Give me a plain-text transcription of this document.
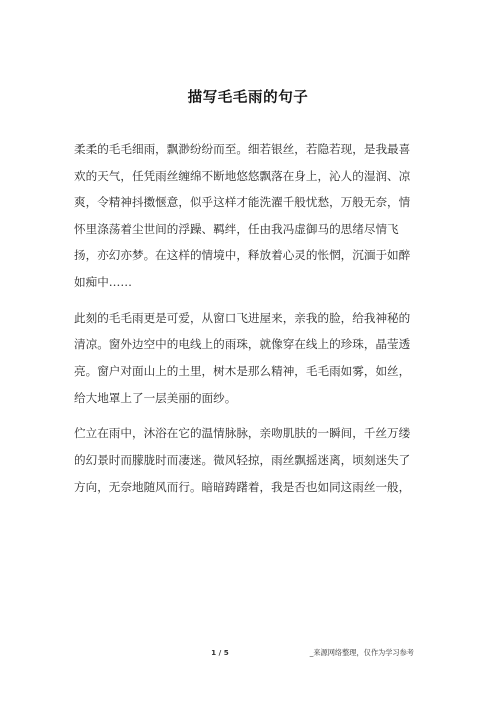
描写毛毛雨的句子
柔柔的毛毛细雨，飘渺纷纷而至。细若银丝，若隐若现，是我最喜
欢的天气，任凭雨丝缠绵不断地悠悠飘落在身上，沁人的湿润、凉
爽，令精神抖擞惬意，似乎这样才能洗濯千般忧愁，万般无奈，情
怀里涤荡着尘世间的浮躁、羁绊，任由我冯虚御马的思绪尽情飞
扬，亦幻亦梦。在这样的情境中，释放着心灵的怅惘，沉湎于如醉
如痴中……
此刻的毛毛雨更是可爱，从窗口飞进屋来，亲我的脸，给我神秘的
清凉。窗外边空中的电线上的雨珠，就像穿在线上的珍珠，晶莹透
亮。窗户对面山上的土里，树木是那么精神，毛毛雨如雾，如丝，
给大地罩上了一层美丽的面纱。
伫立在雨中，沐浴在它的温情脉脉，亲吻肌肤的一瞬间，千丝万缕
的幻景时而朦胧时而凄迷。微风轻掠，雨丝飘摇迷离，顷刻迷失了
方向，无奈地随风而行。暗暗踌躇着，我是否也如同这雨丝一般，
1 / 5	_来源网络整理，仅作为学习参考
